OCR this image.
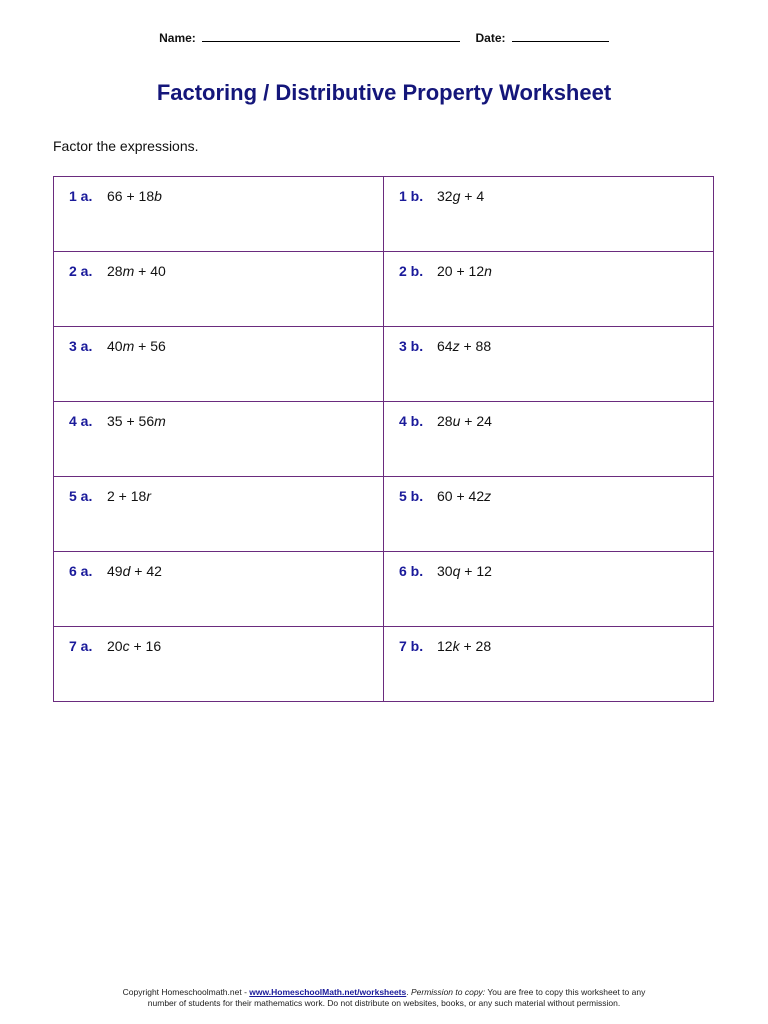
Name:	Date:
Factoring / Distributive Property Worksheet
Factor the expressions.
1 a. 66 + 18b	1 b. 32g + 4

2 a. 28m + 40	2 b. 20 + 12n

3 a. 40m + 56	3 b. 64z + 88

4 a. 35 + 56m	4 b. 28u + 24

5 a. 2 + 18r	5 b. 60 + 42z

6 a. 49d + 42	6 b. 30q + 12

7 a. 20c + 16	7 b. 12k + 28
Copyright Homeschoolmath.net - www.HomeschoolMath.net/worksheets. Permission to copy: You are free to copy this worksheet to any
number of students for their mathematics work. Do not distribute on websites, books, or any such material without permission.
